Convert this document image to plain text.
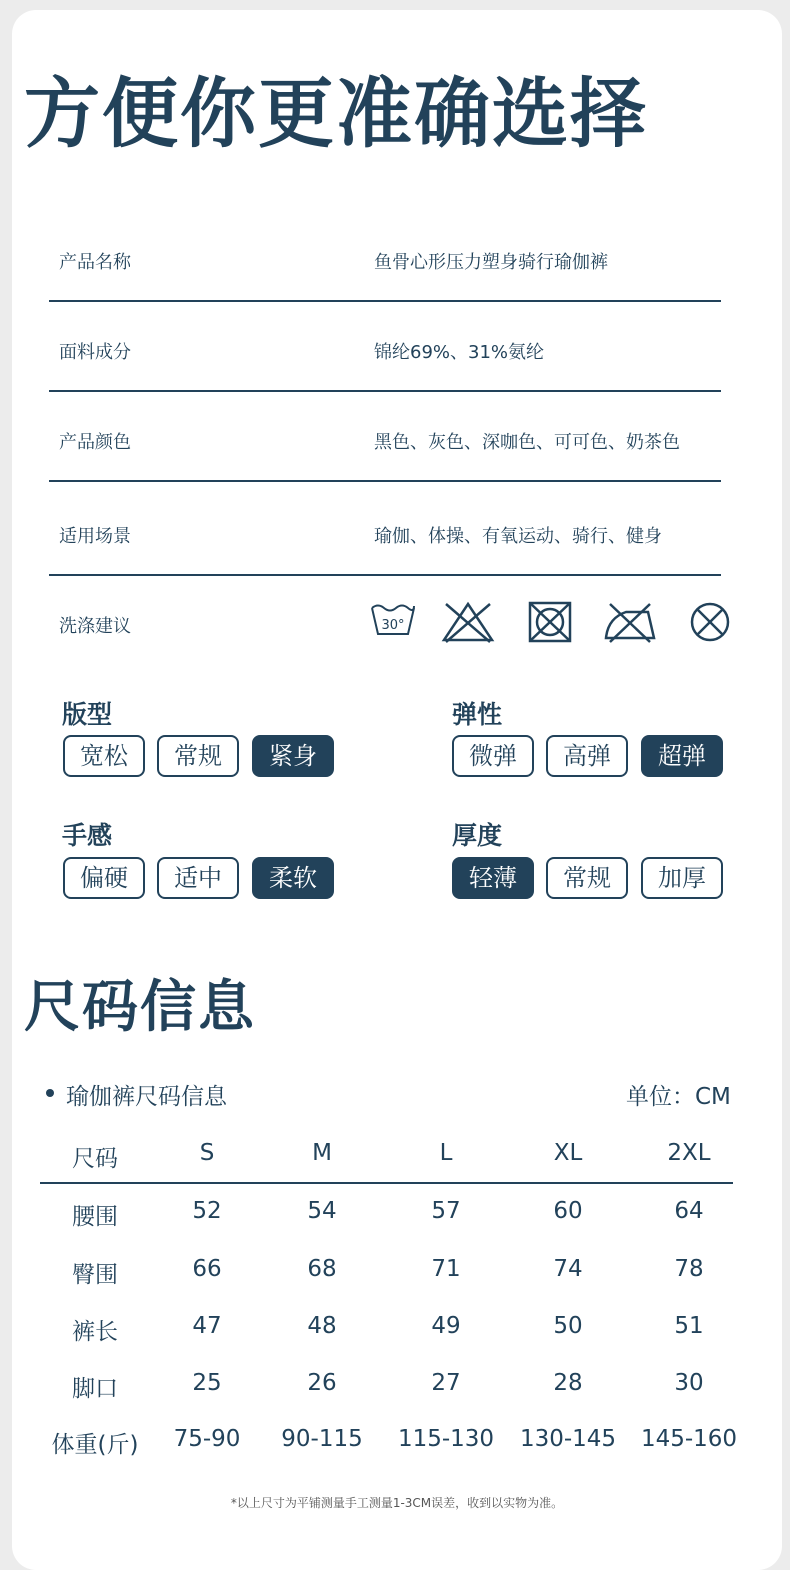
方便你更准确选择
产品名称	鱼骨心形压力塑身骑行瑜伽裤
面料成分	锦纶69%、31%氨纶
产品颜色	黑色、灰色、深咖色、可可色、奶茶色
适用场景	瑜伽、体操、有氧运动、骑行、健身
洗涤建议	30°
版型
宽松	常规	紧身
弹性
微弹	高弹	超弹
手感
偏硬	适中	柔软
厚度
轻薄	常规	加厚
尺码信息
瑜伽裤尺码信息	单位：CM
尺码	S	M	L	XL	2XL
腰围	52	54	57	60	64
臀围	66	68	71	74	78
裤长	47	48	49	50	51
脚口	25	26	27	28	30
体重(斤)	75-90	90-115	115-130	130-145	145-160
*以上尺寸为平铺测量手工测量1-3CM误差，收到以实物为准。
